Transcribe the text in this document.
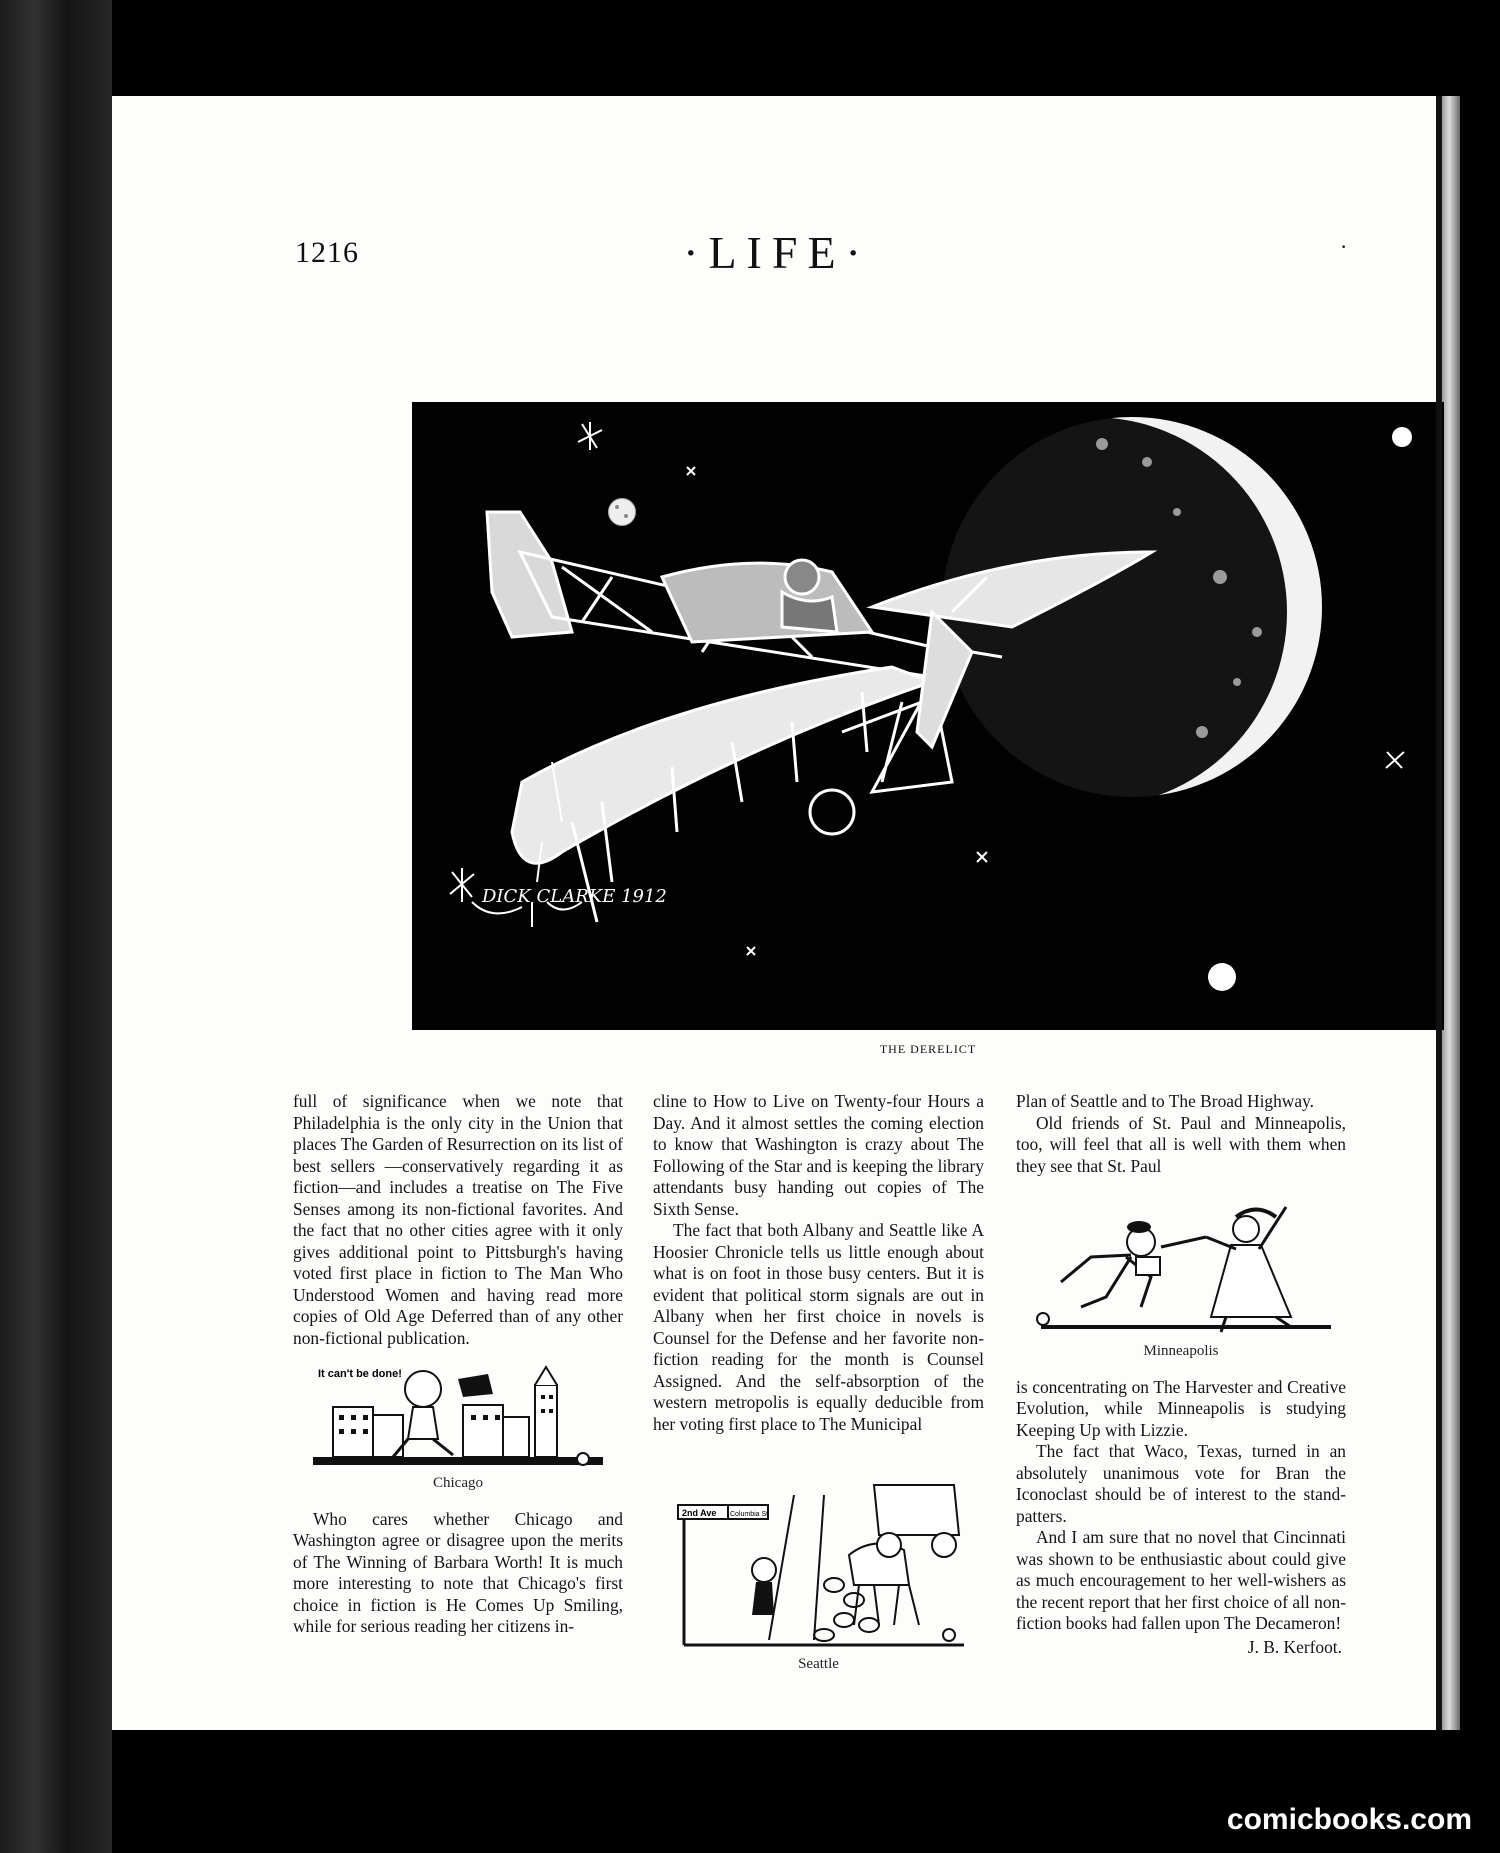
1216	·LIFE·	·
DICK CLARKE 1912
THE DERELICT

full of significance when we note that Philadelphia is the only city in the Union that places The Garden of Resurrection on its list of best sellers —conservatively regarding it as fiction—and includes a treatise on The Five Senses among its non-fictional favorites. And the fact that no other cities agree with it only gives additional point to Pittsburgh's having voted first place in fiction to The Man Who Understood Women and having read more copies of Old Age Deferred than of any other non-fictional publication.

It can't be done!
Chicago

Who cares whether Chicago and Washington agree or disagree upon the merits of The Winning of Barbara Worth! It is much more interesting to note that Chicago's first choice in fiction is He Comes Up Smiling, while for serious reading her citizens in-

cline to How to Live on Twenty-four Hours a Day. And it almost settles the coming election to know that Washington is crazy about The Following of the Star and is keeping the library attendants busy handing out copies of The Sixth Sense.

The fact that both Albany and Seattle like A Hoosier Chronicle tells us little enough about what is on foot in those busy centers. But it is evident that political storm signals are out in Albany when her first choice in novels is Counsel for the Defense and her favorite non-fiction reading for the month is Counsel Assigned. And the self-absorption of the western metropolis is equally deducible from her voting first place to The Municipal

2nd Ave Columbia St
Seattle

Plan of Seattle and to The Broad Highway.

Old friends of St. Paul and Minneapolis, too, will feel that all is well with them when they see that St. Paul

Minneapolis

is concentrating on The Harvester and Creative Evolution, while Minneapolis is studying Keeping Up with Lizzie.

The fact that Waco, Texas, turned in an absolutely unanimous vote for Bran the Iconoclast should be of interest to the stand-patters.

And I am sure that no novel that Cincinnati was shown to be enthusiastic about could give as much encouragement to her well-wishers as the recent report that her first choice of all non-fiction books had fallen upon The Decameron!

J. B. Kerfoot.

comicbooks.com
